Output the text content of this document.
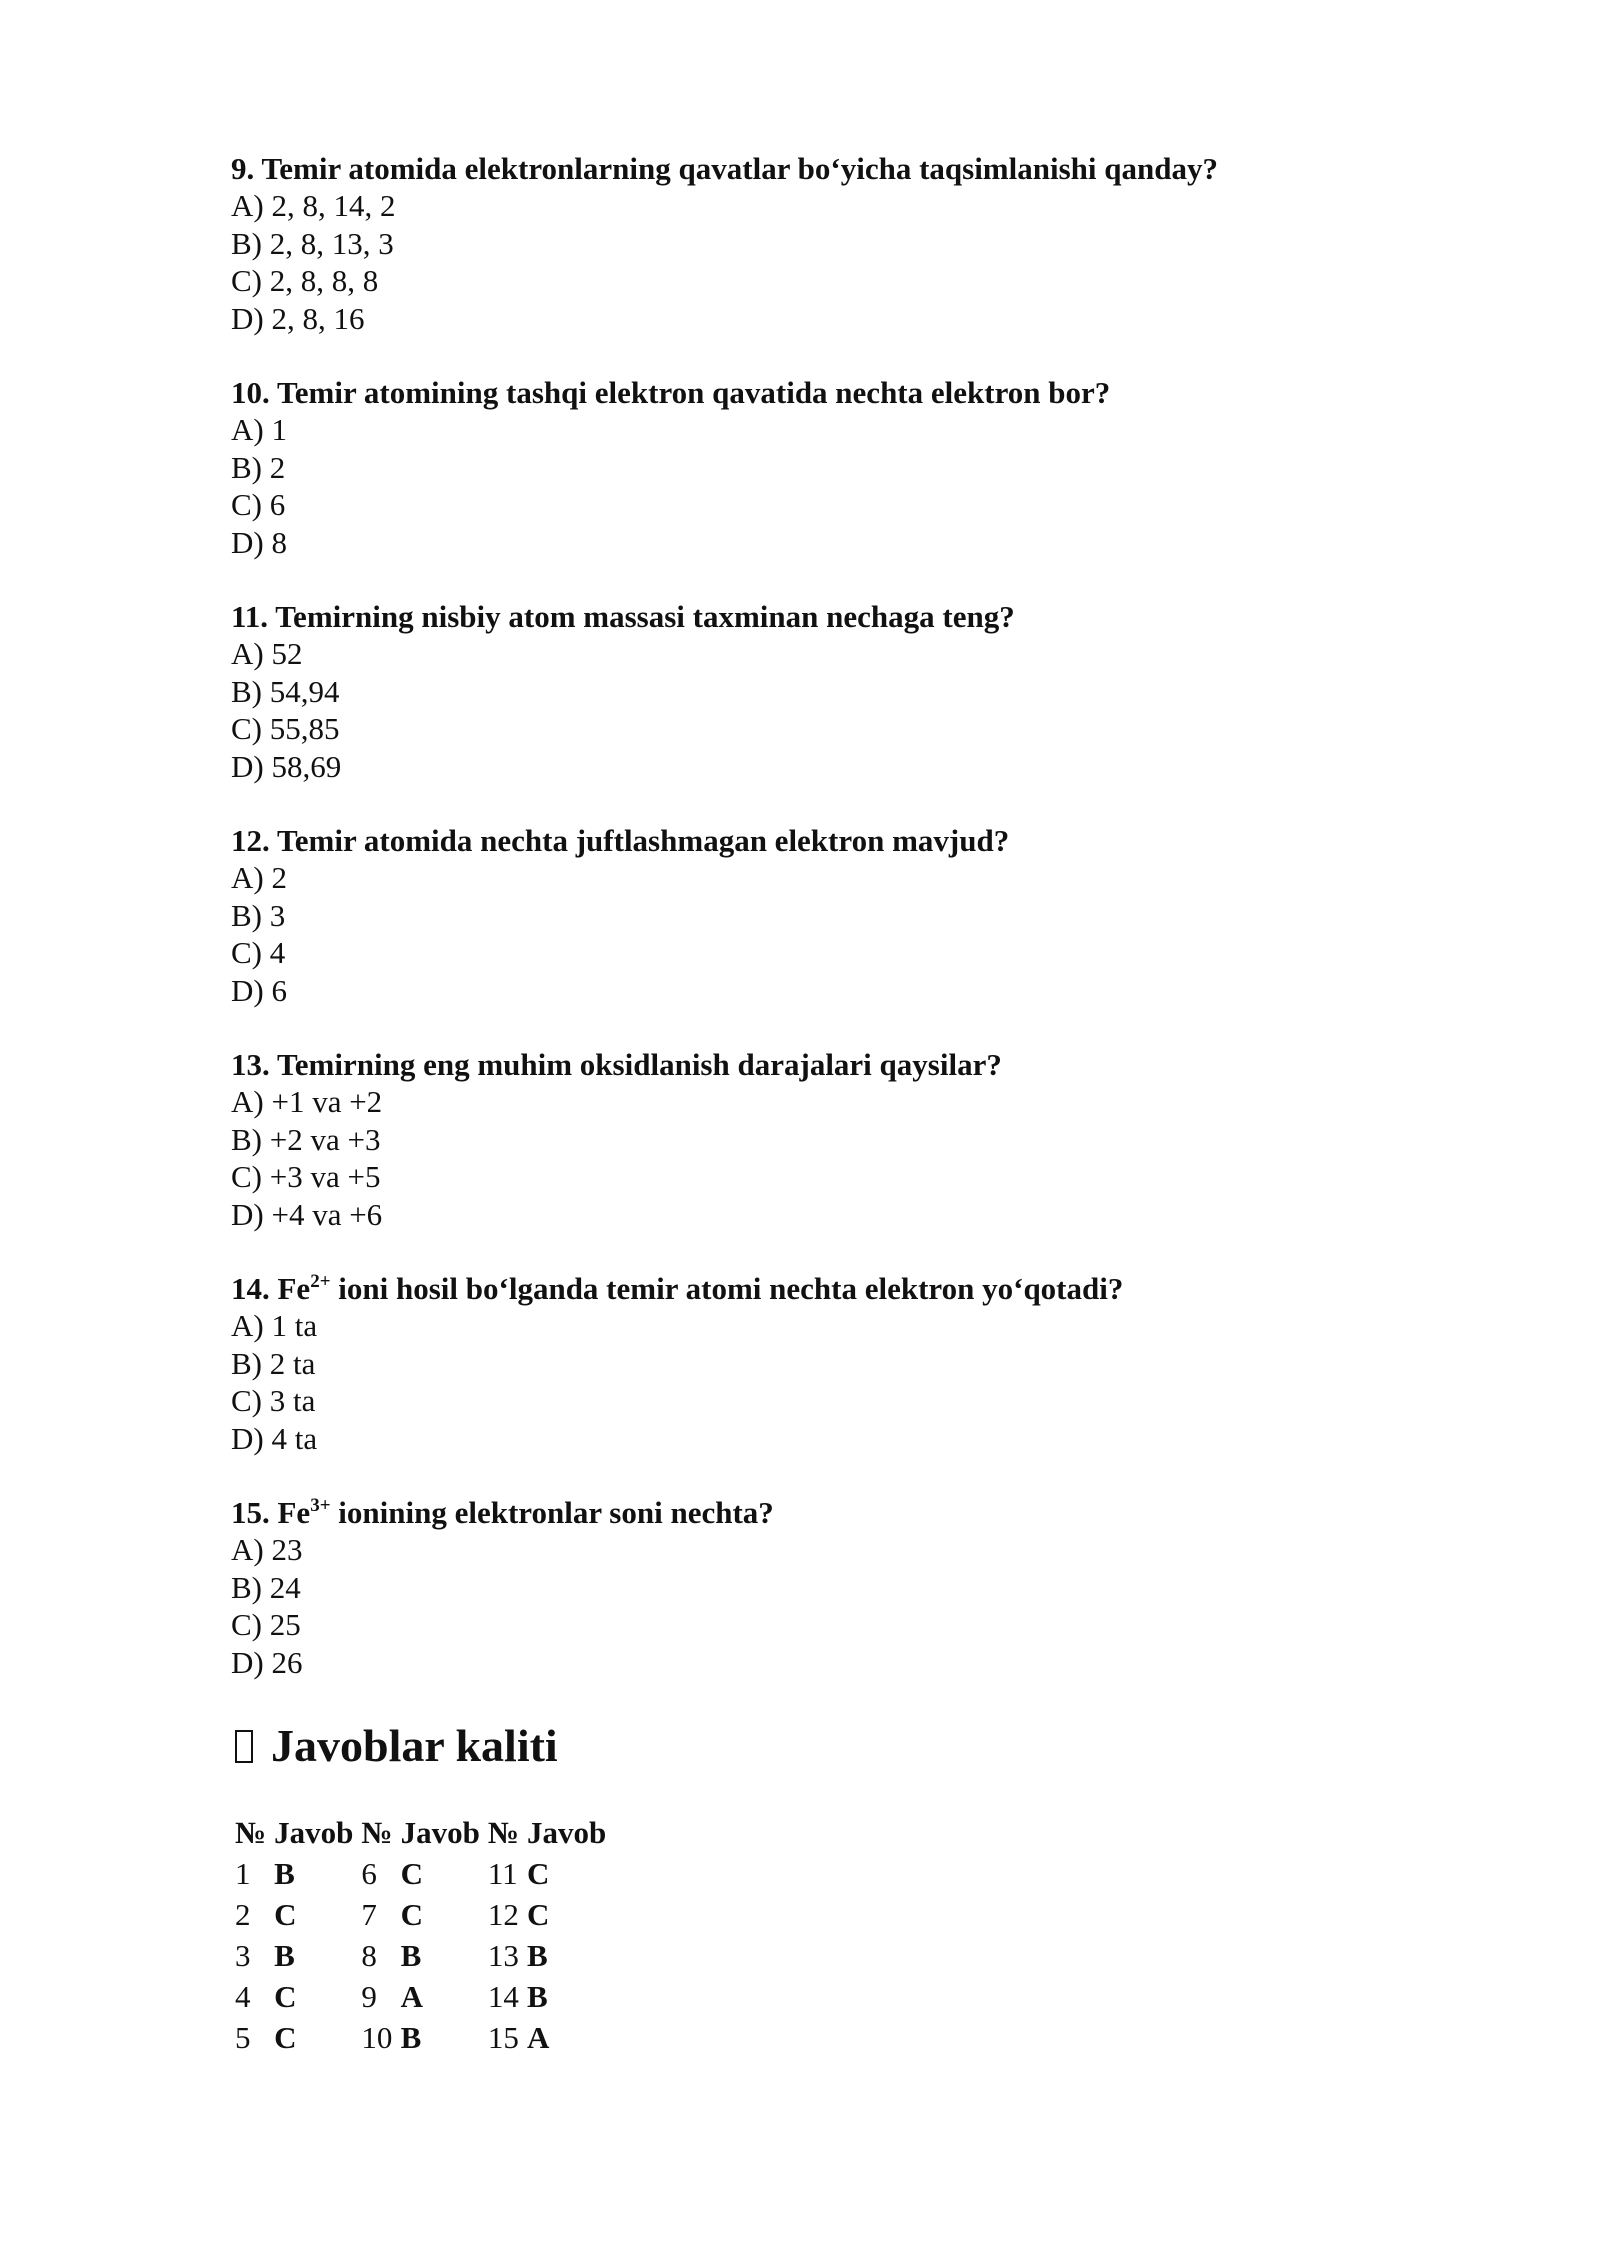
9. Temir atomida elektronlarning qavatlar bo‘yicha taqsimlanishi qanday?

A) 2, 8, 14, 2

B) 2, 8, 13, 3

C) 2, 8, 8, 8

D) 2, 8, 16

10. Temir atomining tashqi elektron qavatida nechta elektron bor?

A) 1

B) 2

C) 6

D) 8

11. Temirning nisbiy atom massasi taxminan nechaga teng?

A) 52

B) 54,94

C) 55,85

D) 58,69

12. Temir atomida nechta juftlashmagan elektron mavjud?

A) 2

B) 3

C) 4

D) 6

13. Temirning eng muhim oksidlanish darajalari qaysilar?

A) +1 va +2

B) +2 va +3

C) +3 va +5

D) +4 va +6

14. $Fe^{2+}$ ioni hosil bo‘lganda temir atomi nechta elektron yo‘qotadi?

A) 1 ta

B) 2 ta

C) 3 ta

D) 4 ta

15. $Fe^{3+}$ ionining elektronlar soni nechta?

A) 23

B) 24

C) 25

D) 26

Javoblar kaliti
№	Javob	№	Javob	№	Javob
1	B	6	C	11	C
2	C	7	C	12	C
3	B	8	B	13	B
4	C	9	A	14	B
5	C	10	B	15	A
